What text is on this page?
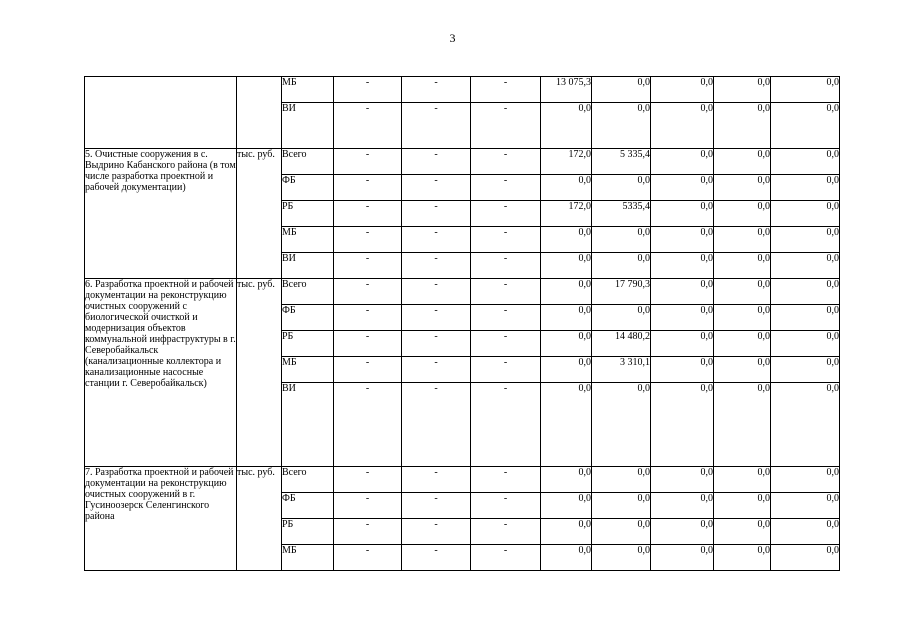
3
		МБ	-	-	-	13 075,3	0,0	0,0	0,0	0,0
		ВИ	-	-	-	0,0	0,0	0,0	0,0	0,0
5. Очистные сооружения в с. Выдрино Кабанского района (в том числе разработка проектной и рабочей документации)	тыс. руб.	Всего	-	-	-	172,0	5 335,4	0,0	0,0	0,0
		ФБ	-	-	-	0,0	0,0	0,0	0,0	0,0
		РБ	-	-	-	172,0	5335,4	0,0	0,0	0,0
		МБ	-	-	-	0,0	0,0	0,0	0,0	0,0
		ВИ	-	-	-	0,0	0,0	0,0	0,0	0,0
6. Разработка проектной и рабочей документации на реконструкцию очистных сооружений с биологической очисткой и модернизация объектов коммунальной инфраструктуры в г. Северобайкальск (канализационные коллектора и канализационные насосные станции г. Северобайкальск)	тыс. руб.	Всего	-	-	-	0,0	17 790,3	0,0	0,0	0,0
		ФБ	-	-	-	0,0	0,0	0,0	0,0	0,0
		РБ	-	-	-	0,0	14 480,2	0,0	0,0	0,0
		МБ	-	-	-	0,0	3 310,1	0,0	0,0	0,0
		ВИ	-	-	-	0,0	0,0	0,0	0,0	0,0
7. Разработка проектной и рабочей документации на реконструкцию очистных сооружений в г. Гусиноозерск Селенгинского района	тыс. руб.	Всего	-	-	-	0,0	0,0	0,0	0,0	0,0
		ФБ	-	-	-	0,0	0,0	0,0	0,0	0,0
		РБ	-	-	-	0,0	0,0	0,0	0,0	0,0
		МБ	-	-	-	0,0	0,0	0,0	0,0	0,0
